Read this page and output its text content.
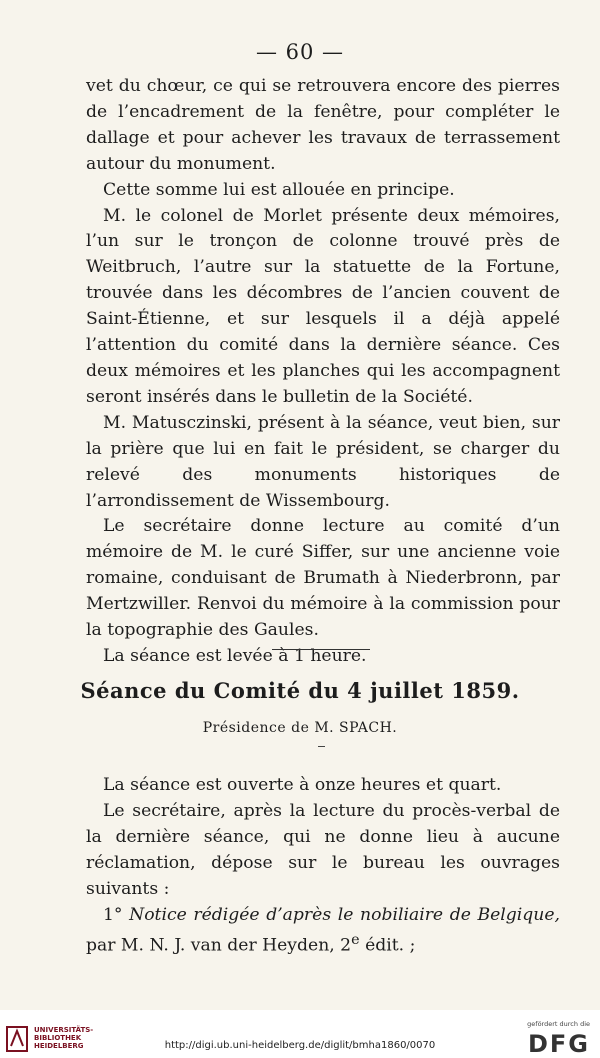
— 60 —

vet du chœur, ce qui se retrouvera encore des pierres de l’encadrement de la fenêtre, pour compléter le dallage et pour achever les travaux de terrassement autour du monument.

Cette somme lui est allouée en principe.

M. le colonel de Morlet présente deux mémoires, l’un sur le tronçon de colonne trouvé près de Weitbruch, l’autre sur la statuette de la Fortune, trouvée dans les décombres de l’ancien couvent de Saint-Étienne, et sur lesquels il a déjà appelé l’attention du comité dans la dernière séance. Ces deux mémoires et les planches qui les accompagnent seront insérés dans le bulletin de la Société.

M. Matusczinski, présent à la séance, veut bien, sur la prière que lui en fait le président, se charger du relevé des monuments historiques de l’arrondissement de Wissembourg.

Le secrétaire donne lecture au comité d’un mémoire de M. le curé Siffer, sur une ancienne voie romaine, conduisant de Brumath à Niederbronn, par Mertzwiller. Renvoi du mémoire à la commission pour la topographie des Gaules.

La séance est levée à 1 heure.

Séance du Comité du 4 juillet 1859.
Présidence de M. SPACH.

La séance est ouverte à onze heures et quart.

Le secrétaire, après la lecture du procès-verbal de la dernière séance, qui ne donne lieu à aucune réclamation, dépose sur le bureau les ouvrages suivants :

1° Notice rédigée d’après le nobiliaire de Belgique, par M. N. J. van der Heyden, 2e édit. ;

UNIVERSITÄTS-
BIBLIOTHEK
HEIDELBERG	http://digi.ub.uni-heidelberg.de/diglit/bmha1860/0070
gefördert durch die
DFG
